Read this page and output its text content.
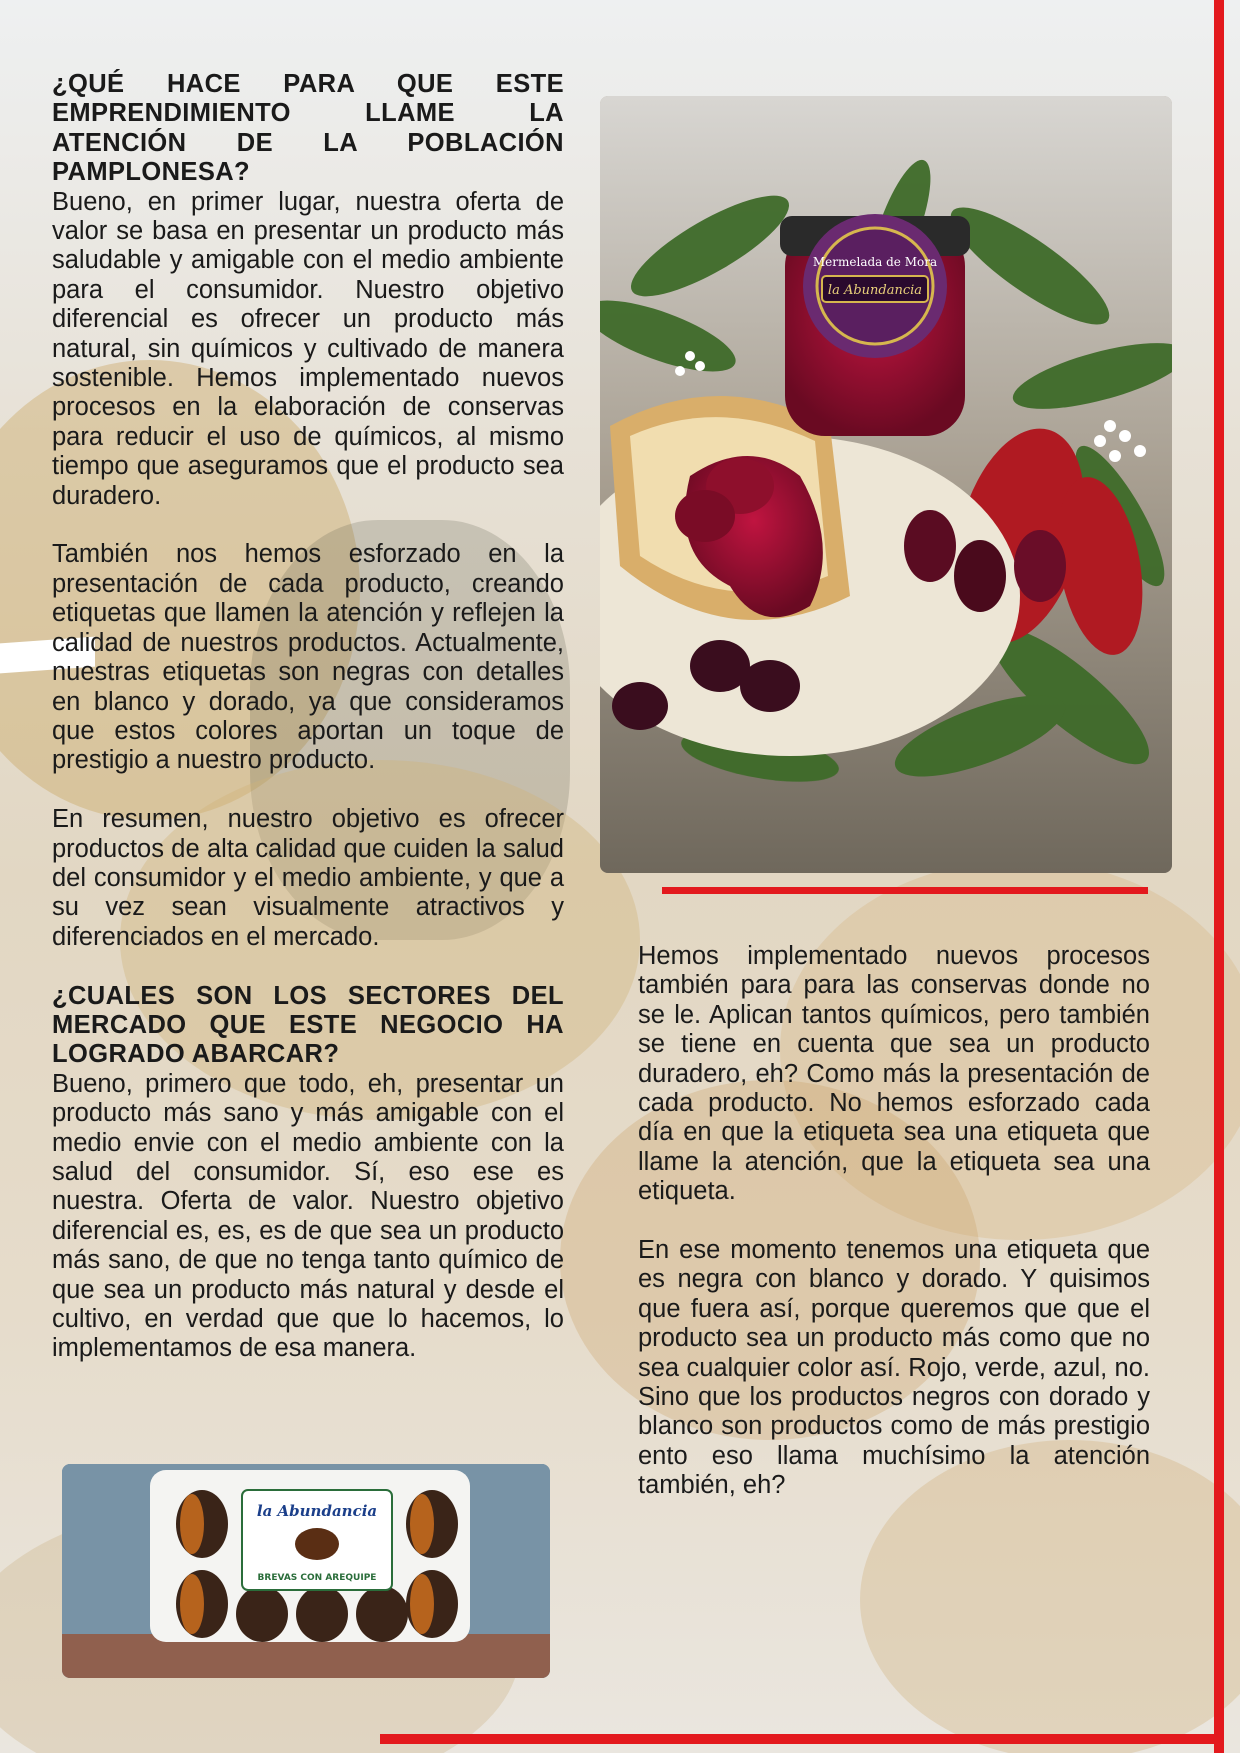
¿QUÉ HACE PARA QUE ESTE EMPRENDIMIENTO LLAME LA ATENCIÓN DE LA POBLACIÓN PAMPLONESA?

Bueno, en primer lugar, nuestra oferta de valor se basa en presentar un producto más saludable y amigable con el medio ambiente para el consumidor. Nuestro objetivo diferencial es ofrecer un producto más natural, sin químicos y cultivado de manera sostenible. Hemos implementado nuevos procesos en la elaboración de conservas para reducir el uso de químicos, al mismo tiempo que aseguramos que el producto sea duradero.

También nos hemos esforzado en la presentación de cada producto, creando etiquetas que llamen la atención y reflejen la calidad de nuestros productos. Actualmente, nuestras etiquetas son negras con detalles en blanco y dorado, ya que consideramos que estos colores aportan un toque de prestigio a nuestro producto.

En resumen, nuestro objetivo es ofrecer productos de alta calidad que cuiden la salud del consumidor y el medio ambiente, y que a su vez sean visualmente atractivos y diferenciados en el mercado.

¿CUALES SON LOS SECTORES DEL MERCADO QUE ESTE NEGOCIO HA LOGRADO ABARCAR?

Bueno, primero que todo, eh, presentar un producto más sano y más amigable con el medio envie con el medio ambiente con la salud del consumidor. Sí, eso ese es nuestra. Oferta de valor. Nuestro objetivo diferencial es, es, es de que sea un producto más sano, de que no tenga tanto químico de que sea un producto más natural y desde el cultivo, en verdad que que lo hacemos, lo implementamos de esa manera.

Hemos implementado nuevos procesos también para para las conservas donde no se le. Aplican tantos químicos, pero también se tiene en cuenta que sea un producto duradero, eh? Como más la presentación de cada producto. No hemos esforzado cada día en que la etiqueta sea una etiqueta que llame la atención, que la etiqueta sea una etiqueta.

En ese momento tenemos una etiqueta que es negra con blanco y dorado. Y quisimos que fuera así, porque queremos que que el producto sea un producto más como que no sea cualquier color así. Rojo, verde, azul, no. Sino que los productos negros con dorado y blanco son productos como de más prestigio ento eso llama muchísimo la atención también, eh?

Mermelada de Mora
la Abundancia
la Abundancia
BREVAS CON AREQUIPE
